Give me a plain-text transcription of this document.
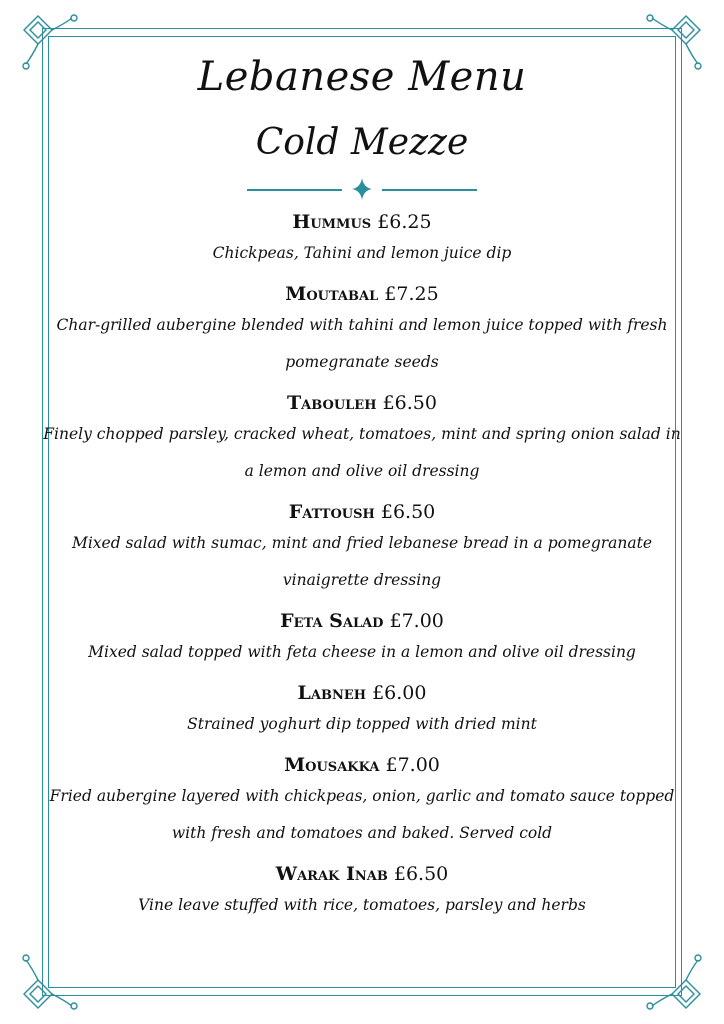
Lebanese Menu
Cold Mezze
Hummus £6.25
Chickpeas, Tahini and lemon juice dip
Moutabal £7.25
Char-grilled aubergine blended with tahini and lemon juice topped with fresh pomegranate seeds
Tabouleh £6.50
Finely chopped parsley, cracked wheat, tomatoes, mint and spring onion salad in a lemon and olive oil dressing
Fattoush £6.50
Mixed salad with sumac, mint and fried lebanese bread in a pomegranate vinaigrette dressing
Feta Salad £7.00
Mixed salad topped with feta cheese in a lemon and olive oil dressing
Labneh £6.00
Strained yoghurt dip topped with dried mint
Mousakka £7.00
Fried aubergine layered with chickpeas, onion, garlic and tomato sauce topped with fresh and tomatoes and baked. Served cold
Warak Inab £6.50
Vine leave stuffed with rice, tomatoes, parsley and herbs
